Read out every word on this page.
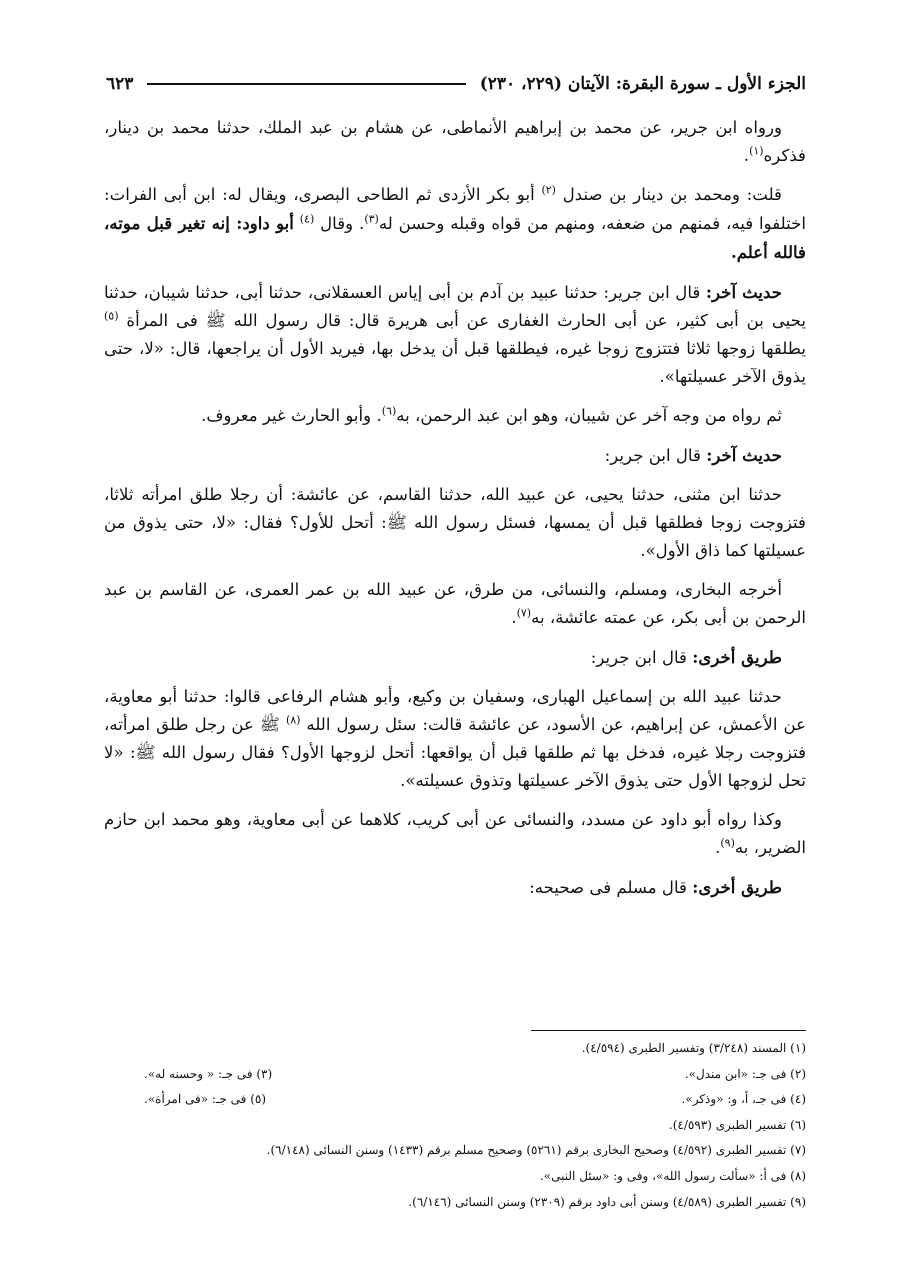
الجزء الأول ـ سورة البقرة: الآيتان (٢٢٩، ٢٣٠)
٦٢٣

ورواه ابن جرير، عن محمد بن إبراهيم الأنماطى، عن هشام بن عبد الملك، حدثنا محمد بن دينار، فذكره$^{(١)}$.

قلت: ومحمد بن دينار بن صندل $^{(٢)}$ أبو بكر الأزدى ثم الطاحى البصرى، ويقال له: ابن أبى الفرات: اختلفوا فيه، فمنهم من ضعفه، ومنهم من قواه وقبله وحسن له$^{(٣)}$. وقال $^{(٤)}$ أبو داود: إنه تغير قبل موته، فالله أعلم.

حديث آخر: قال ابن جرير: حدثنا عبيد بن آدم بن أبى إياس العسقلانى، حدثنا أبى، حدثنا شيبان، حدثنا يحيى بن أبى كثير، عن أبى الحارث الغفارى عن أبى هريرة قال: قال رسول الله ﷺ فى المرأة $^{(٥)}$ يطلقها زوجها ثلاثا فتتزوج زوجا غيره، فيطلقها قبل أن يدخل بها، فيريد الأول أن يراجعها، قال: «لا، حتى يذوق الآخر عسيلتها».

ثم رواه من وجه آخر عن شيبان، وهو ابن عبد الرحمن، به$^{(٦)}$. وأبو الحارث غير معروف.

حديث آخر: قال ابن جرير:

حدثنا ابن مثنى، حدثنا يحيى، عن عبيد الله، حدثنا القاسم، عن عائشة: أن رجلا طلق امرأته ثلاثا، فتزوجت زوجا فطلقها قبل أن يمسها، فسئل رسول الله ﷺ: أتحل للأول؟ فقال: «لا، حتى يذوق من عسيلتها كما ذاق الأول».

أخرجه البخارى، ومسلم، والنسائى، من طرق، عن عبيد الله بن عمر العمرى، عن القاسم بن عبد الرحمن بن أبى بكر، عن عمته عائشة، به$^{(٧)}$.

طريق أخرى: قال ابن جرير:

حدثنا عبيد الله بن إسماعيل الهبارى، وسفيان بن وكيع، وأبو هشام الرفاعى قالوا: حدثنا أبو معاوية، عن الأعمش، عن إبراهيم، عن الأسود، عن عائشة قالت: سئل رسول الله $^{(٨)}$ ﷺ عن رجل طلق امرأته، فتزوجت رجلا غيره، فدخل بها ثم طلقها قبل أن يواقعها: أتحل لزوجها الأول؟ فقال رسول الله ﷺ: «لا تحل لزوجها الأول حتى يذوق الآخر عسيلتها وتذوق عسيلته».

وكذا رواه أبو داود عن مسدد، والنسائى عن أبى كريب، كلاهما عن أبى معاوية، وهو محمد ابن حازم الضرير، به$^{(٩)}$.

طريق أخرى: قال مسلم فى صحيحه:

(١) المسند (٣/٢٤٨) وتفسير الطبرى (٤/٥٩٤).
(٢) فى جـ: «ابن مندل».
(٣) فى جـ: « وحسنه له».
(٤) فى جـ، أ، و: «وذكر».
(٥) فى جـ: «فى امرأة».
(٦) تفسير الطبرى (٤/٥٩٣).
(٧) تفسير الطبرى (٤/٥٩٢) وصحيح البخارى برقم (٥٢٦١) وصحيح مسلم برقم (١٤٣٣) وسنن النسائى (٦/١٤٨).
(٨) فى أ: «سألت رسول الله»، وفى و: «سئل النبى».
(٩) تفسير الطبرى (٤/٥٨٩) وسنن أبى داود برقم (٢٣٠٩) وسنن النسائى (٦/١٤٦).
